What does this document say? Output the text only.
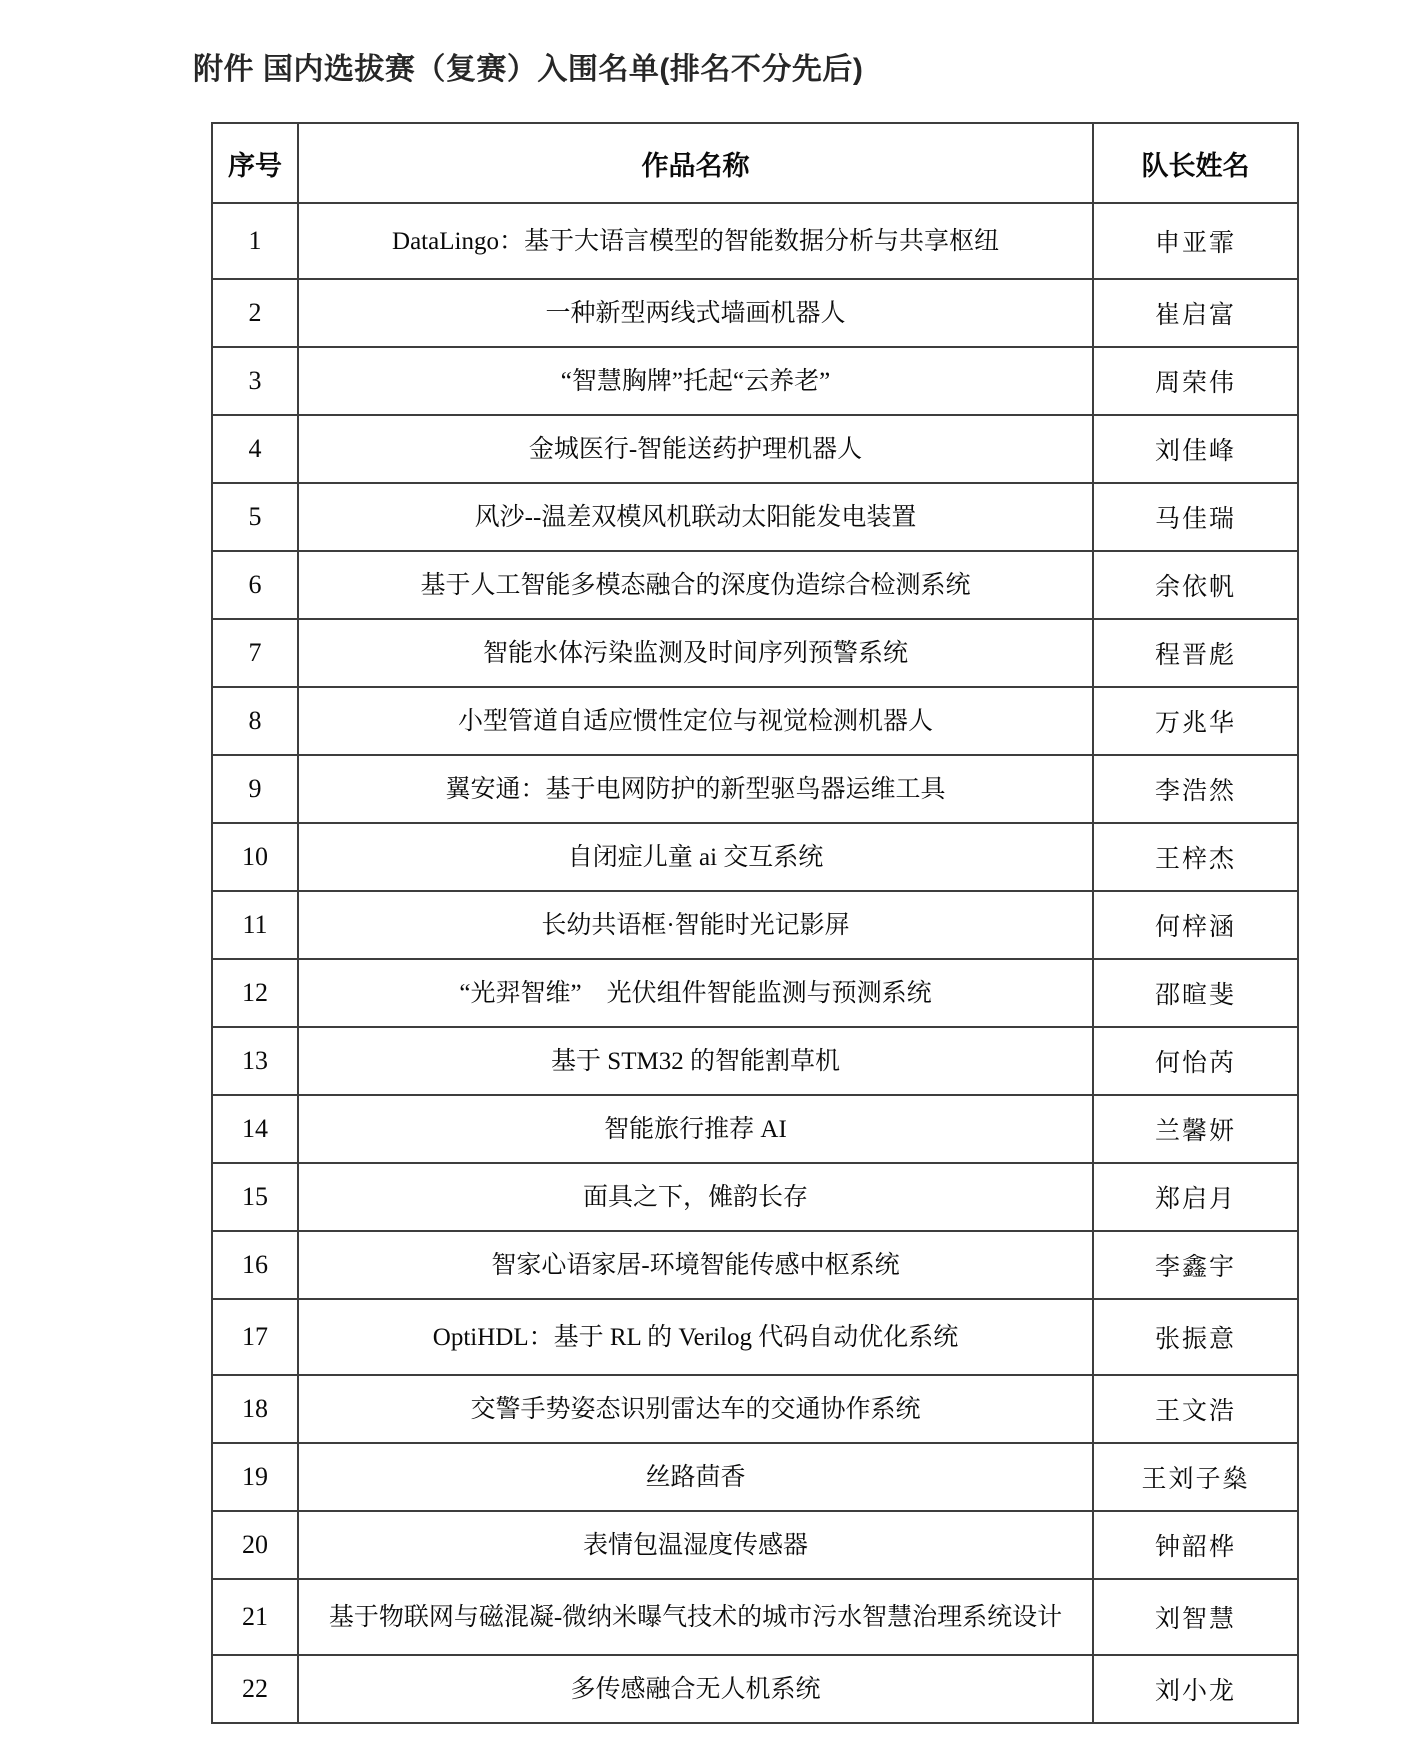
附件 国内选拔赛（复赛）入围名单(排名不分先后)
序号	作品名称	队长姓名
1	DataLingo：基于大语言模型的智能数据分析与共享枢纽	申亚霏
2	一种新型两线式墙画机器人	崔启富
3	“智慧胸牌”托起“云养老”	周荣伟
4	金城医行-智能送药护理机器人	刘佳峰
5	风沙--温差双模风机联动太阳能发电装置	马佳瑞
6	基于人工智能多模态融合的深度伪造综合检测系统	余依帆
7	智能水体污染监测及时间序列预警系统	程晋彪
8	小型管道自适应惯性定位与视觉检测机器人	万兆华
9	翼安通：基于电网防护的新型驱鸟器运维工具	李浩然
10	自闭症儿童 ai 交互系统	王梓杰
11	长幼共语框·智能时光记影屏	何梓涵
12	“光羿智维”　光伏组件智能监测与预测系统	邵暄斐
13	基于 STM32 的智能割草机	何怡芮
14	智能旅行推荐 AI	兰馨妍
15	面具之下，傩韵长存	郑启月
16	智家心语家居-环境智能传感中枢系统	李鑫宇
17	OptiHDL：基于 RL 的 Verilog 代码自动优化系统	张振意
18	交警手势姿态识别雷达车的交通协作系统	王文浩
19	丝路茴香	王刘子燊
20	表情包温湿度传感器	钟韶桦
21	基于物联网与磁混凝-微纳米曝气技术的城市污水智慧治理系统设计	刘智慧
22	多传感融合无人机系统	刘小龙
